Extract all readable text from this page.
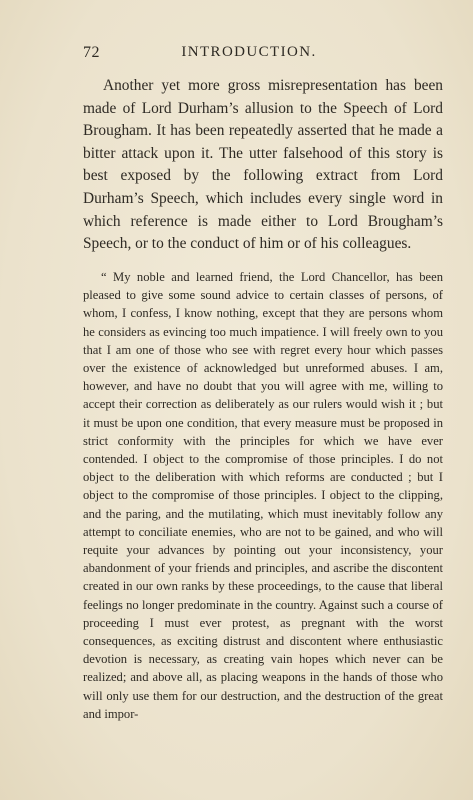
72	INTRODUCTION.

Another yet more gross misrepresentation has been made of Lord Durham’s allusion to the Speech of Lord Brougham. It has been repeatedly asserted that he made a bitter attack upon it. The utter falsehood of this story is best exposed by the following extract from Lord Durham’s Speech, which includes every single word in which reference is made either to Lord Brougham’s Speech, or to the conduct of him or of his colleagues.

“ My noble and learned friend, the Lord Chancellor, has been pleased to give some sound advice to certain classes of persons, of whom, I confess, I know nothing, except that they are persons whom he considers as evincing too much impatience. I will freely own to you that I am one of those who see with regret every hour which passes over the existence of acknowledged but unreformed abuses. I am, however, and have no doubt that you will agree with me, willing to accept their correction as deliberately as our rulers would wish it ; but it must be upon one condition, that every measure must be proposed in strict conformity with the principles for which we have ever contended. I object to the compromise of those principles. I do not object to the deliberation with which reforms are conducted ; but I object to the compromise of those principles. I object to the clipping, and the paring, and the mutilating, which must inevitably follow any attempt to conciliate enemies, who are not to be gained, and who will requite your advances by pointing out your inconsistency, your abandonment of your friends and principles, and ascribe the discontent created in our own ranks by these proceedings, to the cause that liberal feelings no longer predominate in the country. Against such a course of proceeding I must ever protest, as pregnant with the worst consequences, as exciting distrust and discontent where enthusiastic devotion is necessary, as creating vain hopes which never can be realized; and above all, as placing weapons in the hands of those who will only use them for our destruction, and the destruction of the great and impor-
